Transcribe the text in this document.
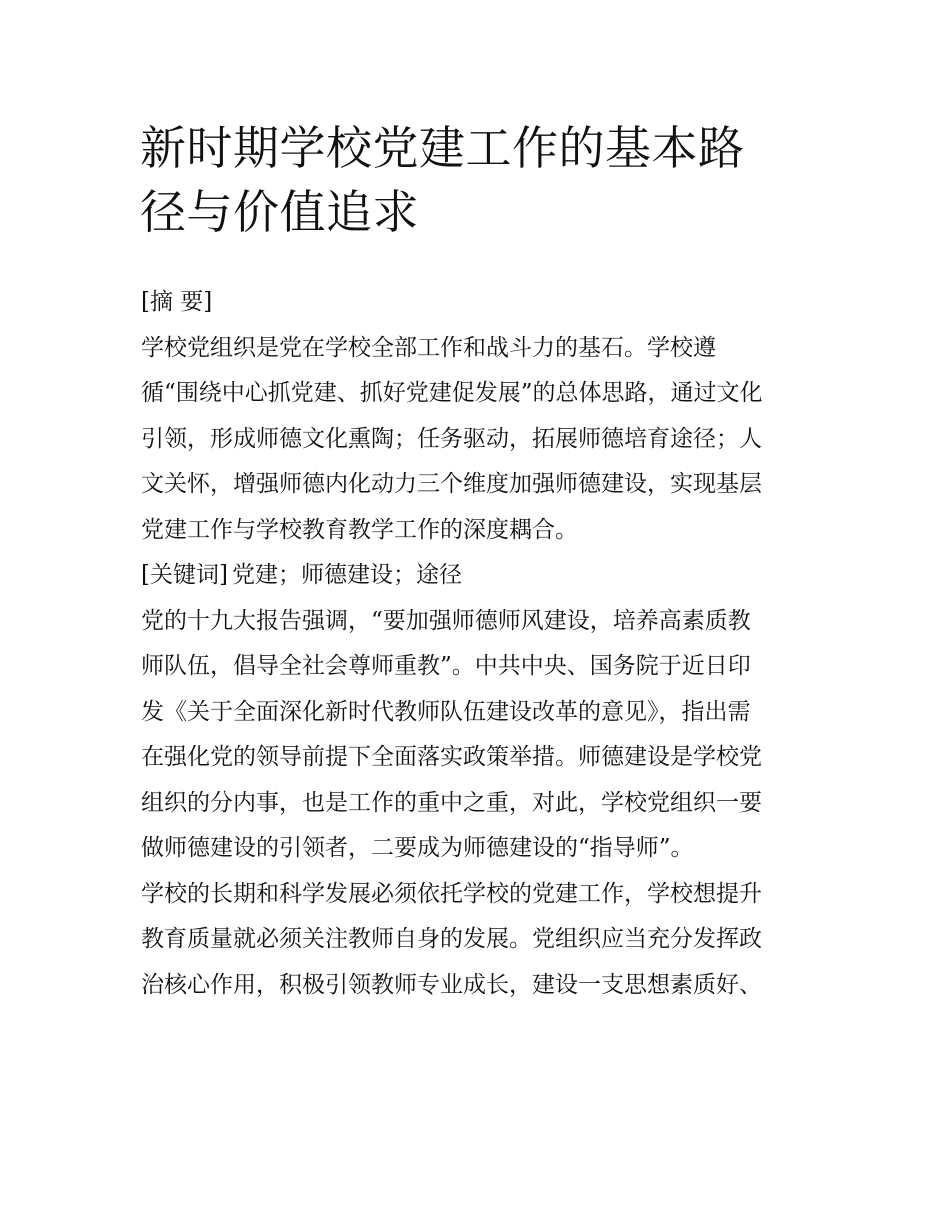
新时期学校党建工作的基本路
径与价值追求
[摘 要]
学校党组织是党在学校全部工作和战斗力的基石。学校遵
循“围绕中心抓党建、抓好党建促发展”的总体思路，通过文化
引领，形成师德文化熏陶；任务驱动，拓展师德培育途径；人
文关怀，增强师德内化动力三个维度加强师德建设，实现基层
党建工作与学校教育教学工作的深度耦合。
[关键词] 党建；师德建设；途径
党的十九大报告强调，“要加强师德师风建设，培养高素质教
师队伍，倡导全社会尊师重教”。中共中央、国务院于近日印
发《关于全面深化新时代教师队伍建设改革的意见》，指出需
在强化党的领导前提下全面落实政策举措。师德建设是学校党
组织的分内事，也是工作的重中之重，对此，学校党组织一要
做师德建设的引领者，二要成为师德建设的“指导师”。
学校的长期和科学发展必须依托学校的党建工作，学校想提升
教育质量就必须关注教师自身的发展。党组织应当充分发挥政
治核心作用，积极引领教师专业成长，建设一支思想素质好、
